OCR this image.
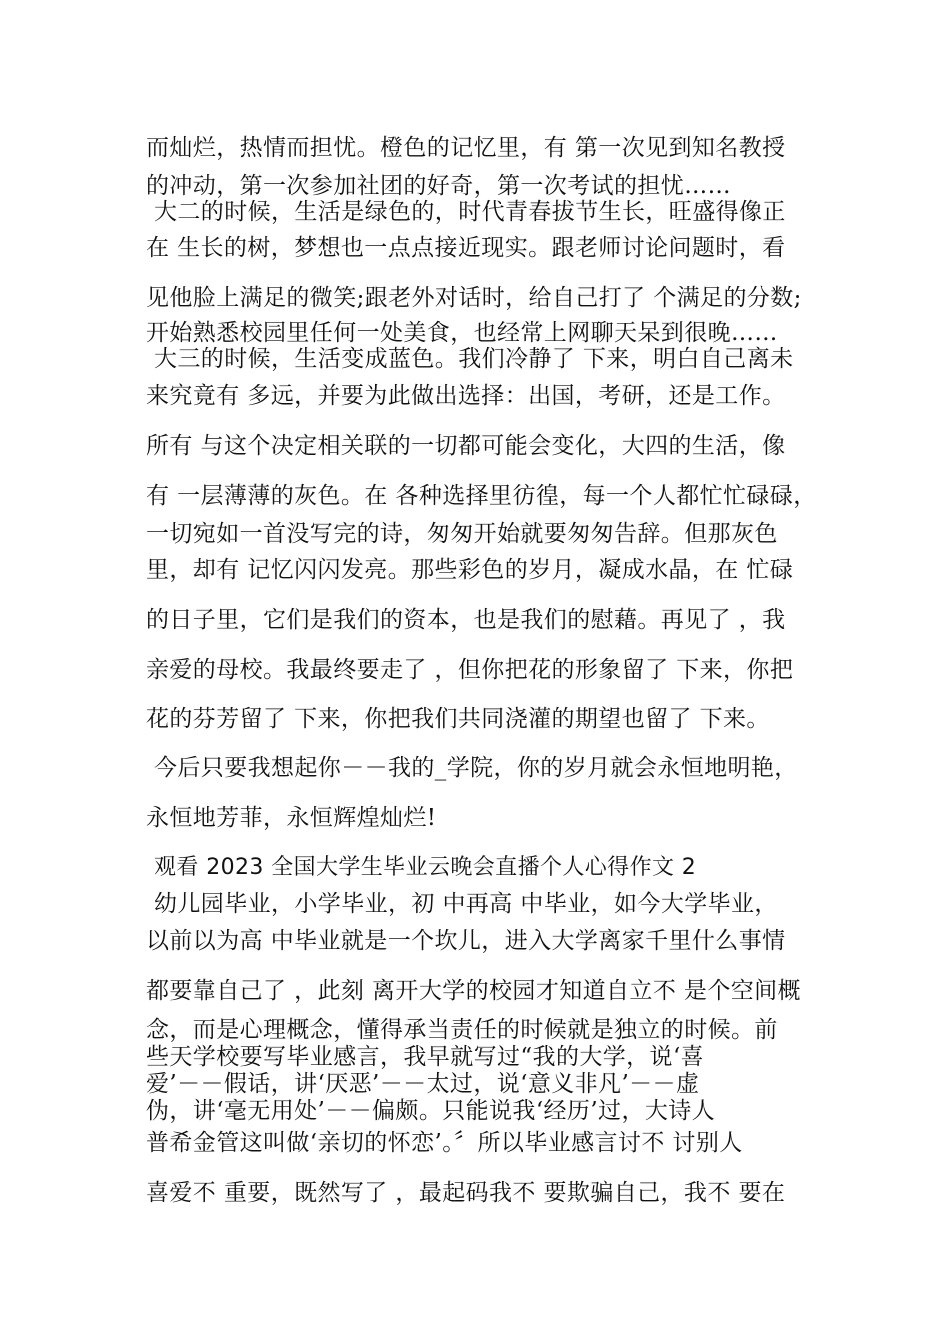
而灿烂，热情而担忧。橙色的记忆里，有 第一次见到知名教授
的冲动，第一次参加社团的好奇，第一次考试的担忧……
大二的时候，生活是绿色的，时代青春拔节生长，旺盛得像正
在 生长的树，梦想也一点点接近现实。跟老师讨论问题时，看
见他脸上满足的微笑;跟老外对话时，给自己打了 个满足的分数;
开始熟悉校园里任何一处美食，也经常上网聊天呆到很晚……
大三的时候，生活变成蓝色。我们冷静了 下来，明白自己离未
来究竟有 多远，并要为此做出选择：出国，考研，还是工作。
所有 与这个决定相关联的一切都可能会变化，大四的生活，像
有 一层薄薄的灰色。在 各种选择里彷徨，每一个人都忙忙碌碌，
一切宛如一首没写完的诗，匆匆开始就要匆匆告辞。但那灰色
里，却有 记忆闪闪发亮。那些彩色的岁月，凝成水晶，在 忙碌
的日子里，它们是我们的资本，也是我们的慰藉。再见了 ，我
亲爱的母校。我最终要走了 ，但你把花的形象留了 下来，你把
花的芬芳留了 下来，你把我们共同浇灌的期望也留了 下来。
今后只要我想起你－－我的_学院，你的岁月就会永恒地明艳，
永恒地芳菲，永恒辉煌灿烂!
观看 2023 全国大学生毕业云晚会直播个人心得作文 2
幼儿园毕业，小学毕业，初 中再高 中毕业，如今大学毕业，
以前以为高 中毕业就是一个坎儿，进入大学离家千里什么事情
都要靠自己了 ，此刻 离开大学的校园才知道自立不 是个空间概
念，而是心理概念，懂得承当责任的时候就是独立的时候。前
些天学校要写毕业感言，我早就写过“我的大学，说‘喜
爱’－－假话，讲‘厌恶’－－太过，说‘意义非凡’－－虚
伪，讲‘毫无用处’－－偏颇。只能说我‘经历’过，大诗人
普希金管这叫做‘亲切的怀恋’。〞所以毕业感言讨不 讨别人
喜爱不 重要，既然写了 ，最起码我不 要欺骗自己，我不 要在
